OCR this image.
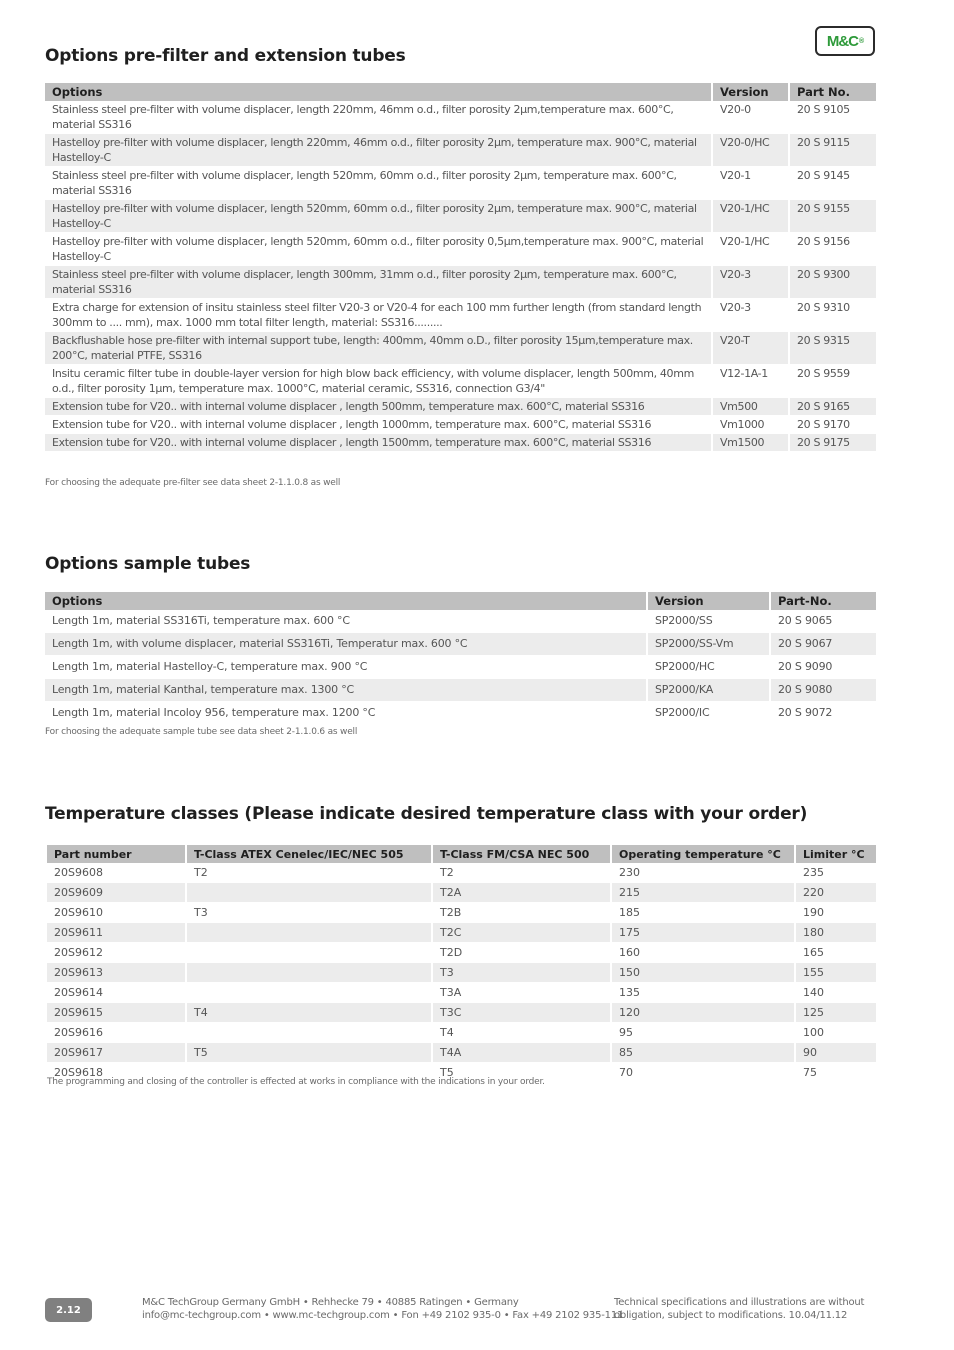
M&C ®
Options pre-filter and extension tubes
Options	Version	Part No.
Stainless steel pre-filter with volume displacer, length 220mm, 46mm o.d., filter porosity 2µm,temperature max. 600°C, material SS316	V20-0	20 S 9105
Hastelloy pre-filter with volume displacer, length 220mm, 46mm o.d., filter porosity 2µm, temperature max. 900°C, material Hastelloy-C	V20-0/HC	20 S 9115
Stainless steel pre-filter with volume displacer, length 520mm, 60mm o.d., filter porosity 2µm, temperature max. 600°C, material SS316	V20-1	20 S 9145
Hastelloy pre-filter with volume displacer, length 520mm, 60mm o.d., filter porosity 2µm, temperature max. 900°C, material Hastelloy-C	V20-1/HC	20 S 9155
Hastelloy pre-filter with volume displacer, length 520mm, 60mm o.d., filter porosity 0,5µm,temperature max. 900°C, material Hastelloy-C	V20-1/HC	20 S 9156
Stainless steel pre-filter with volume displacer, length 300mm, 31mm o.d., filter porosity 2µm, temperature max. 600°C, material SS316	V20-3	20 S 9300
Extra charge for extension of insitu stainless steel filter V20-3 or V20-4 for each 100 mm further length (from standard length 300mm to .... mm), max. 1000 mm total filter length, material: SS316.........	V20-3	20 S 9310
Backflushable hose pre-filter with internal support tube, length: 400mm, 40mm o.D., filter porosity 15µm,temperature max. 200°C, material PTFE, SS316	V20-T	20 S 9315
Insitu ceramic filter tube in double-layer version for high blow back efficiency, with volume displacer, length 500mm, 40mm o.d., filter porosity 1µm, temperature max. 1000°C, material ceramic, SS316, connection G3/4"	V12-1A-1	20 S 9559
Extension tube for V20.. with internal volume displacer , length 500mm, temperature max. 600°C, material SS316	Vm500	20 S 9165
Extension tube for V20.. with internal volume displacer , length 1000mm, temperature max. 600°C, material SS316	Vm1000	20 S 9170
Extension tube for V20.. with internal volume displacer , length 1500mm, temperature max. 600°C, material SS316	Vm1500	20 S 9175
For choosing the adequate pre-filter see data sheet 2-1.1.0.8 as well
Options sample tubes
Options	Version	Part-No.
Length 1m, material SS316Ti, temperature max. 600 °C	SP2000/SS	20 S 9065
Length 1m, with volume displacer, material SS316Ti, Temperatur max. 600 °C	SP2000/SS-Vm	20 S 9067
Length 1m, material Hastelloy-C, temperature max. 900 °C	SP2000/HC	20 S 9090
Length 1m, material Kanthal, temperature max. 1300 °C	SP2000/KA	20 S 9080
Length 1m, material Incoloy 956, temperature max. 1200 °C	SP2000/IC	20 S 9072
For choosing the adequate sample tube see data sheet 2-1.1.0.6 as well
Temperature classes (Please indicate desired temperature class with your order)
Part number	T-Class ATEX Cenelec/IEC/NEC 505	T-Class FM/CSA NEC 500	Operating temperature °C	Limiter °C
20S9608	T2	T2	230	235
20S9609		T2A	215	220
20S9610	T3	T2B	185	190
20S9611		T2C	175	180
20S9612		T2D	160	165
20S9613		T3	150	155
20S9614		T3A	135	140
20S9615	T4	T3C	120	125
20S9616		T4	95	100
20S9617	T5	T4A	85	90
20S9618		T5	70	75
The programming and closing of the controller is effected at works in compliance with the indications in your order.
2.12
M&C TechGroup Germany GmbH • Rehhecke 79 • 40885 Ratingen • Germany
info@mc-techgroup.com • www.mc-techgroup.com • Fon +49 2102 935-0 • Fax +49 2102 935-111
Technical specifications and illustrations are without
obligation, subject to modifications. 10.04/11.12
